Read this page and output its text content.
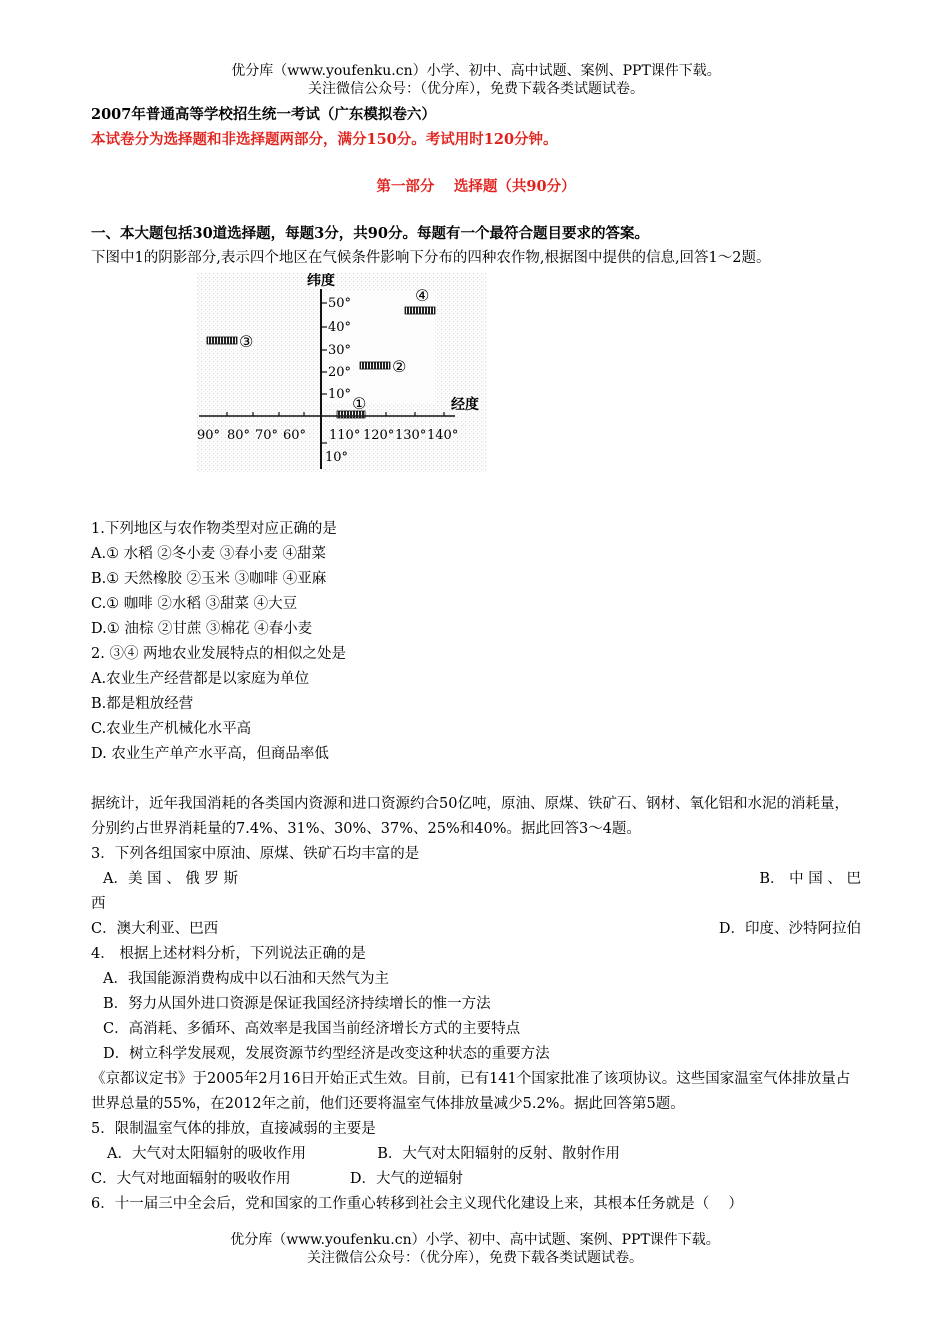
优分库（www.youfenku.cn）小学、初中、高中试题、案例、PPT课件下载。
关注微信公众号：（优分库），免费下载各类试题试卷。
2007年普通高等学校招生统一考试（广东模拟卷六）
本试卷分为选择题和非选择题两部分，满分150分。考试用时120分钟。
第一部分　 选择题（共90分）
一、本大题包括30道选择题，每题3分，共90分。每题有一个最符合题目要求的答案。
下图中1的阴影部分,表示四个地区在气候条件影响下分布的四种农作物,根据图中提供的信息,回答1～2题。
纬度
经度
50°
40°
30°
20°
10°
10°
90° 80° 70° 60° 110° 120° 130° 140°
①
②
③
④
1.下列地区与农作物类型对应正确的是
A.① 水稻 ②冬小麦 ③春小麦 ④甜菜
B.① 天然橡胶 ②玉米 ③咖啡 ④亚麻
C.① 咖啡 ②水稻 ③甜菜 ④大豆
D.① 油棕 ②甘蔗 ③棉花 ④春小麦
2. ③④ 两地农业发展特点的相似之处是
A.农业生产经营都是以家庭为单位
B.都是粗放经营
C.农业生产机械化水平高
D. 农业生产单产水平高，但商品率低
据统计，近年我国消耗的各类国内资源和进口资源约合50亿吨，原油、原煤、铁矿石、钢材、氧化铝和水泥的消耗量，分别约占世界消耗量的7.4%、31%、30%、37%、25%和40%。据此回答3～4题。
3．下列各组国家中原油、原煤、铁矿石均丰富的是
A．美 国 、 俄 罗 斯	B． 中 国 、 巴
西
C．澳大利亚、巴西	D．印度、沙特阿拉伯
4． 根据上述材料分析，下列说法正确的是
A．我国能源消费构成中以石油和天然气为主
B．努力从国外进口资源是保证我国经济持续增长的惟一方法
C．高消耗、多循环、高效率是我国当前经济增长方式的主要特点
D．树立科学发展观，发展资源节约型经济是改变这种状态的重要方法
《京都议定书》于2005年2月16日开始正式生效。目前，已有141个国家批准了该项协议。这些国家温室气体排放量占世界总量的55%，在2012年之前，他们还要将温室气体排放量减少5.2%。据此回答第5题。
5．限制温室气体的排放，直接减弱的主要是
A．大气对太阳辐射的吸收作用	B．大气对太阳辐射的反射、散射作用
C．大气对地面辐射的吸收作用	D．大气的逆辐射
6．十一届三中全会后，党和国家的工作重心转移到社会主义现代化建设上来，其根本任务就是（　 ）
优分库（www.youfenku.cn）小学、初中、高中试题、案例、PPT课件下载。
关注微信公众号：（优分库），免费下载各类试题试卷。
